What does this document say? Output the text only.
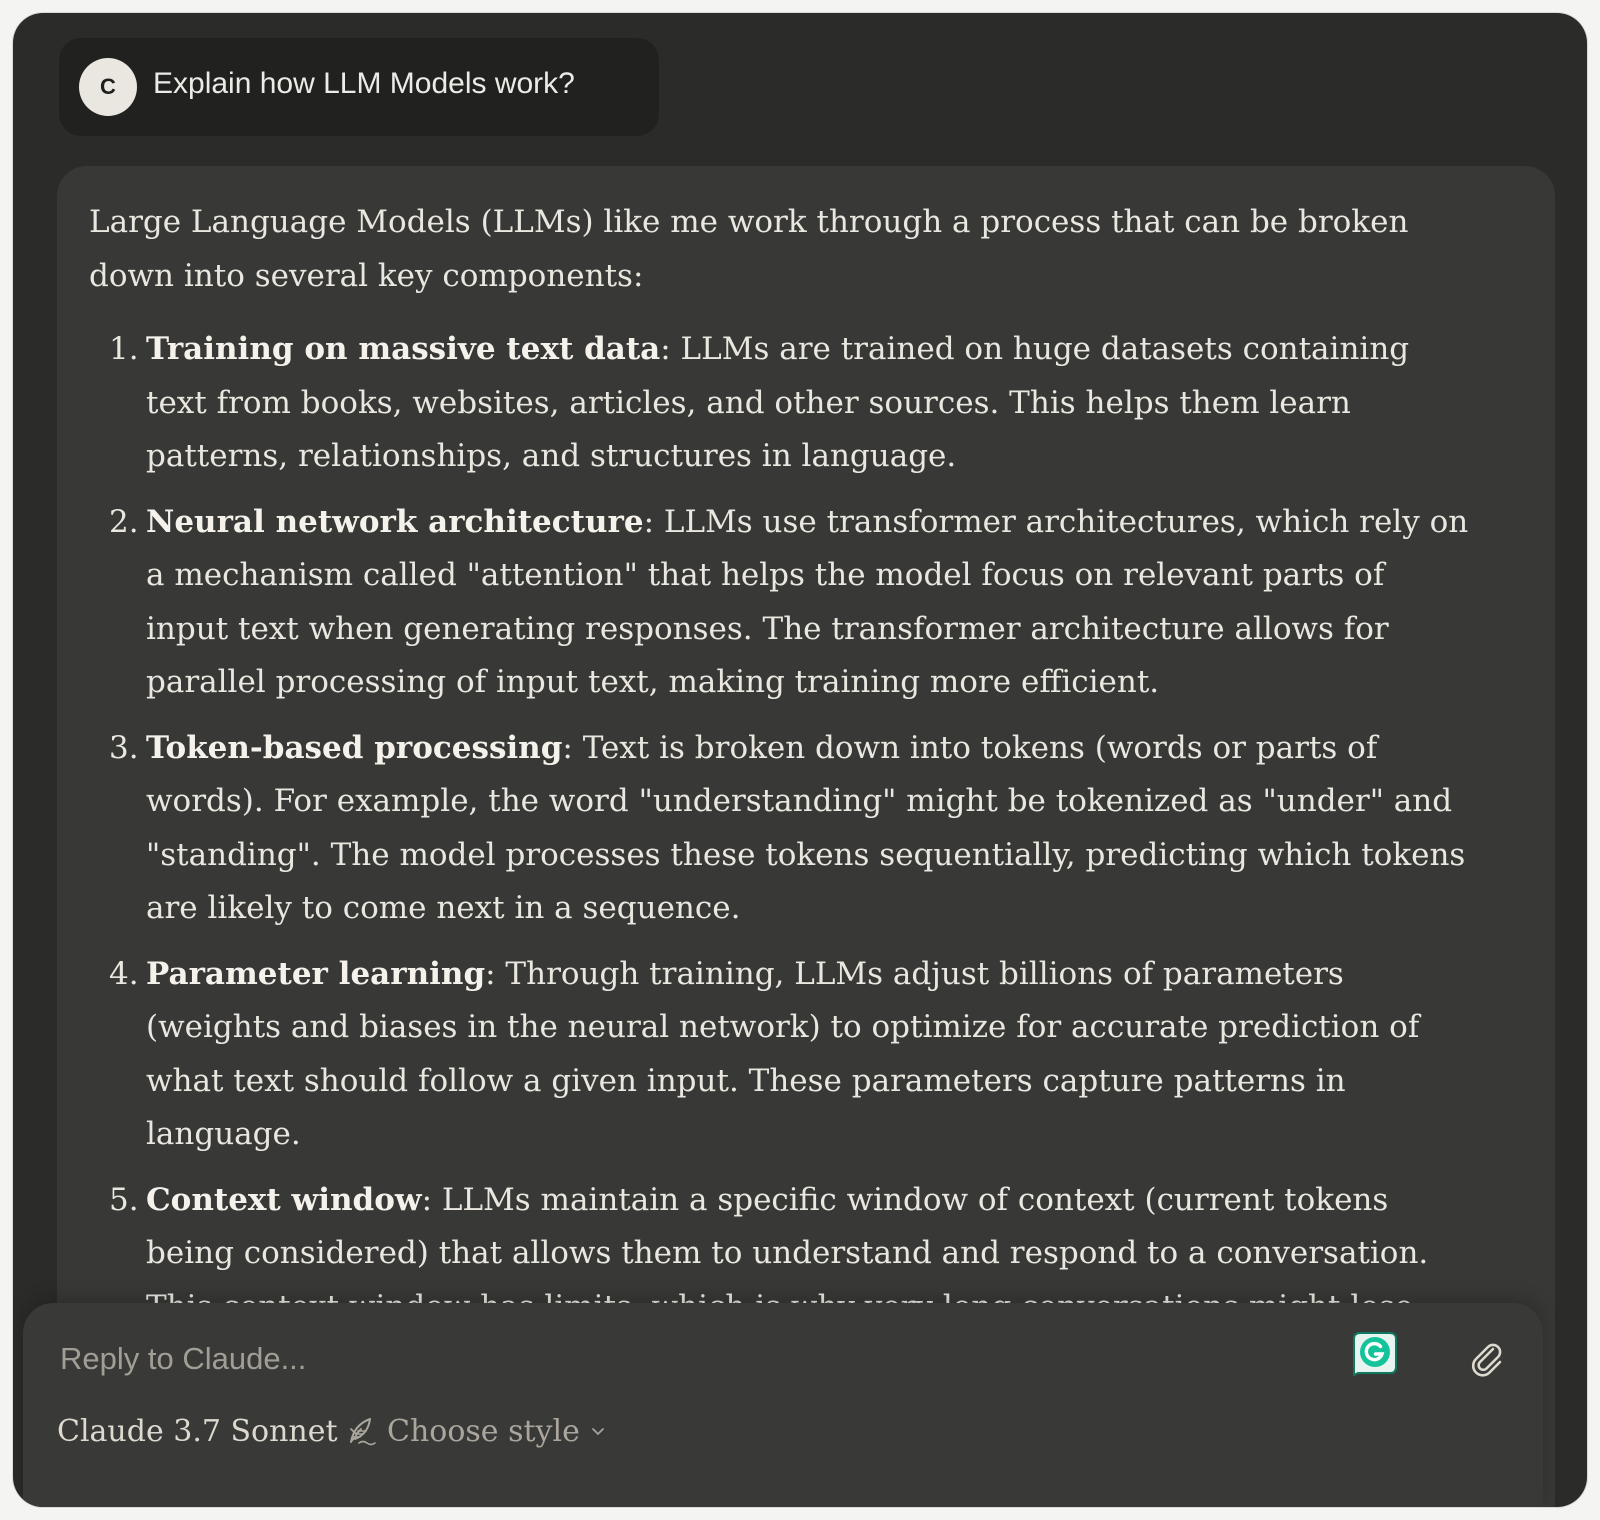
C	Explain how LLM Models work?

Large Language Models (LLMs) like me work through a process that can be broken down into several key components:

1. Training on massive text data: LLMs are trained on huge datasets containing text from books, websites, articles, and other sources. This helps them learn patterns, relationships, and structures in language.
2. Neural network architecture: LLMs use transformer architectures, which rely on a mechanism called "attention" that helps the model focus on relevant parts of input text when generating responses. The transformer architecture allows for parallel processing of input text, making training more efficient.
3. Token-based processing: Text is broken down into tokens (words or parts of words). For example, the word "understanding" might be tokenized as "under" and "standing". The model processes these tokens sequentially, predicting which tokens are likely to come next in a sequence.
4. Parameter learning: Through training, LLMs adjust billions of parameters (weights and biases in the neural network) to optimize for accurate prediction of what text should follow a given input. These parameters capture patterns in language.
5. Context window: LLMs maintain a specific window of context (current tokens being considered) that allows them to understand and respond to a conversation.
Reply to Claude...
Claude 3.7 Sonnet Choose style
